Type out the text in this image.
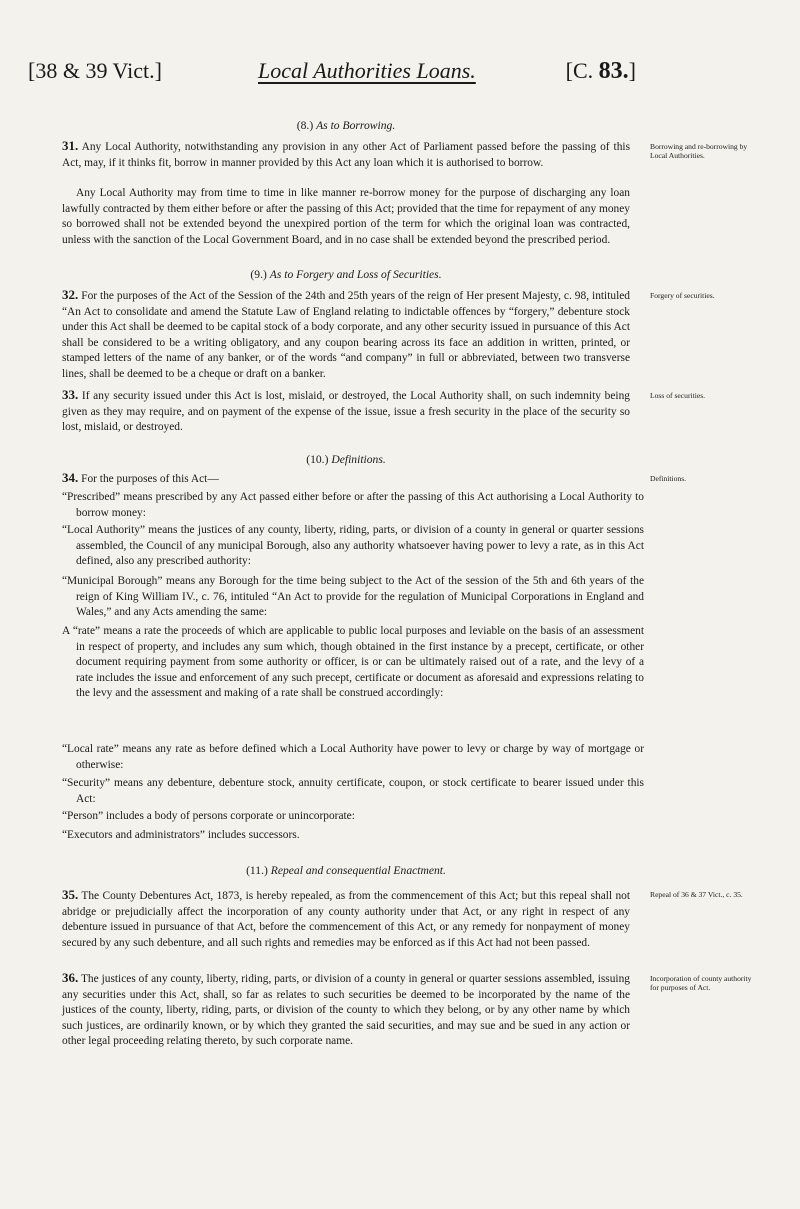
[38 & 39 Vict.]	Local Authorities Loans.	[C. 83.]
(8.) As to Borrowing.
31. Any Local Authority, notwithstanding any provision in any other Act of Parliament passed before the passing of this Act, may, if it thinks fit, borrow in manner provided by this Act any loan which it is authorised to borrow.
Any Local Authority may from time to time in like manner re-borrow money for the purpose of discharging any loan lawfully contracted by them either before or after the passing of this Act; provided that the time for repayment of any money so borrowed shall not be extended beyond the unexpired portion of the term for which the original loan was contracted, unless with the sanction of the Local Government Board, and in no case shall be extended beyond the prescribed period.
Borrowing and re-borrowing by Local Authorities.
(9.) As to Forgery and Loss of Securities.
32. For the purposes of the Act of the Session of the 24th and 25th years of the reign of Her present Majesty, c. 98, intituled “An Act to consolidate and amend the Statute Law of England relating to indictable offences by “forgery,” debenture stock under this Act shall be deemed to be capital stock of a body corporate, and any other security issued in pursuance of this Act shall be considered to be a writing obligatory, and any coupon bearing across its face an addition in written, printed, or stamped letters of the name of any banker, or of the words “and company” in full or abbreviated, between two transverse lines, shall be deemed to be a cheque or draft on a banker.
Forgery of securities.
33. If any security issued under this Act is lost, mislaid, or destroyed, the Local Authority shall, on such indemnity being given as they may require, and on payment of the expense of the issue, issue a fresh security in the place of the security so lost, mislaid, or destroyed.
Loss of securities.
(10.) Definitions.
34. For the purposes of this Act—	Definitions.
“Prescribed” means prescribed by any Act passed either before or after the passing of this Act authorising a Local Authority to borrow money:
“Local Authority” means the justices of any county, liberty, riding, parts, or division of a county in general or quarter sessions assembled, the Council of any municipal Borough, also any authority whatsoever having power to levy a rate, as in this Act defined, also any prescribed authority:
“Municipal Borough” means any Borough for the time being subject to the Act of the session of the 5th and 6th years of the reign of King William IV., c. 76, intituled “An Act to provide for the regulation of Municipal Corporations in England and Wales,” and any Acts amending the same:
A “rate” means a rate the proceeds of which are applicable to public local purposes and leviable on the basis of an assessment in respect of property, and includes any sum which, though obtained in the first instance by a precept, certificate, or other document requiring payment from some authority or officer, is or can be ultimately raised out of a rate, and the levy of a rate includes the issue and enforcement of any such precept, certificate or document as aforesaid and expressions relating to the levy and the assessment and making of a rate shall be construed accordingly:
“Local rate” means any rate as before defined which a Local Authority have power to levy or charge by way of mortgage or otherwise:
“Security” means any debenture, debenture stock, annuity certificate, coupon, or stock certificate to bearer issued under this Act:
“Person” includes a body of persons corporate or unincorporate:
“Executors and administrators” includes successors.
(11.) Repeal and consequential Enactment.
35. The County Debentures Act, 1873, is hereby repealed, as from the commencement of this Act; but this repeal shall not abridge or prejudicially affect the incorporation of any county authority under that Act, or any right in respect of any debenture issued in pursuance of that Act, before the commencement of this Act, or any remedy for nonpayment of money secured by any such debenture, and all such rights and remedies may be enforced as if this Act had not been passed.
Repeal of 36 & 37 Vict., c. 35.
36. The justices of any county, liberty, riding, parts, or division of a county in general or quarter sessions assembled, issuing any securities under this Act, shall, so far as relates to such securities be deemed to be incorporated by the name of the justices of the county, liberty, riding, parts, or division of the county to which they belong, or by any other name by which such justices, are ordinarily known, or by which they granted the said securities, and may sue and be sued in any action or other legal proceeding relating thereto, by such corporate name.
Incorporation of county authority for purposes of Act.
